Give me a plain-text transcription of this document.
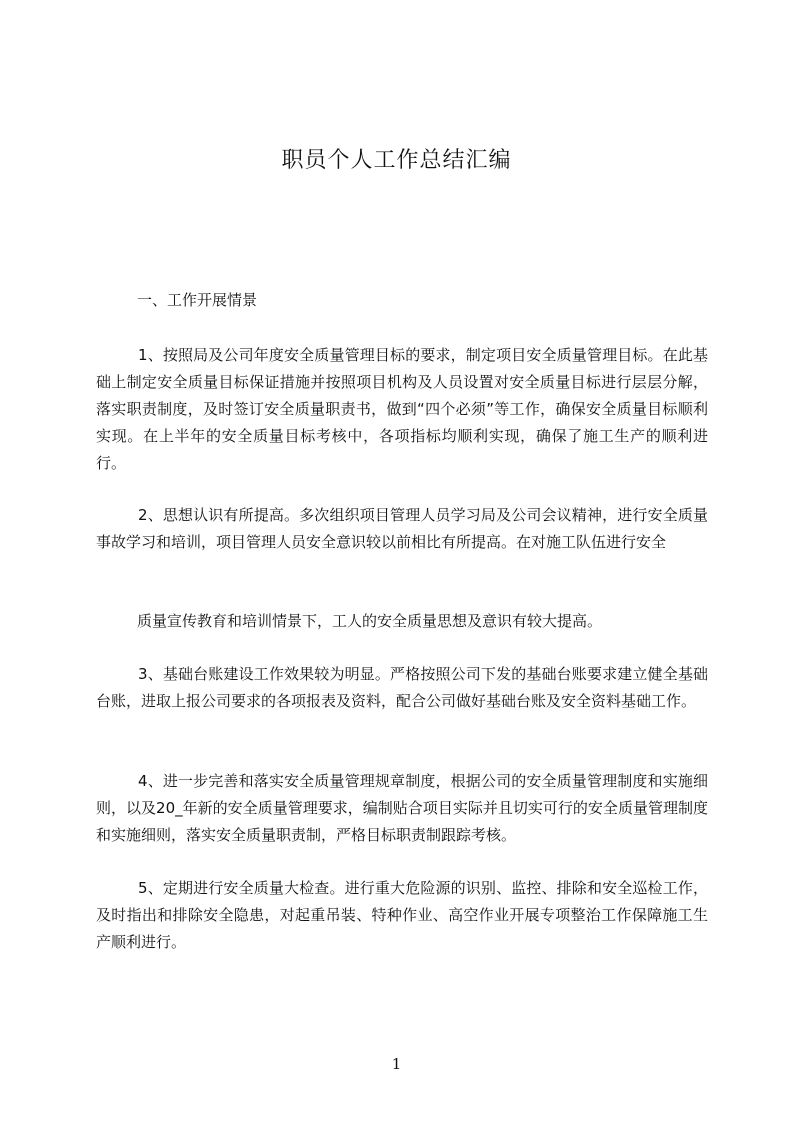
职员个人工作总结汇编
一、工作开展情景

1、按照局及公司年度安全质量管理目标的要求，制定项目安全质量管理目标。在此基础上制定安全质量目标保证措施并按照项目机构及人员设置对安全质量目标进行层层分解，落实职责制度，及时签订安全质量职责书，做到“四个必须”等工作，确保安全质量目标顺利实现。在上半年的安全质量目标考核中，各项指标均顺利实现，确保了施工生产的顺利进行。

2、思想认识有所提高。多次组织项目管理人员学习局及公司会议精神，进行安全质量事故学习和培训，项目管理人员安全意识较以前相比有所提高。在对施工队伍进行安全

质量宣传教育和培训情景下，工人的安全质量思想及意识有较大提高。

3、基础台账建设工作效果较为明显。严格按照公司下发的基础台账要求建立健全基础台账，进取上报公司要求的各项报表及资料，配合公司做好基础台账及安全资料基础工作。

4、进一步完善和落实安全质量管理规章制度，根据公司的安全质量管理制度和实施细则，以及20_年新的安全质量管理要求，编制贴合项目实际并且切实可行的安全质量管理制度和实施细则，落实安全质量职责制，严格目标职责制跟踪考核。

5、定期进行安全质量大检查。进行重大危险源的识别、监控、排除和安全巡检工作，及时指出和排除安全隐患，对起重吊装、特种作业、高空作业开展专项整治工作保障施工生产顺利进行。

1
